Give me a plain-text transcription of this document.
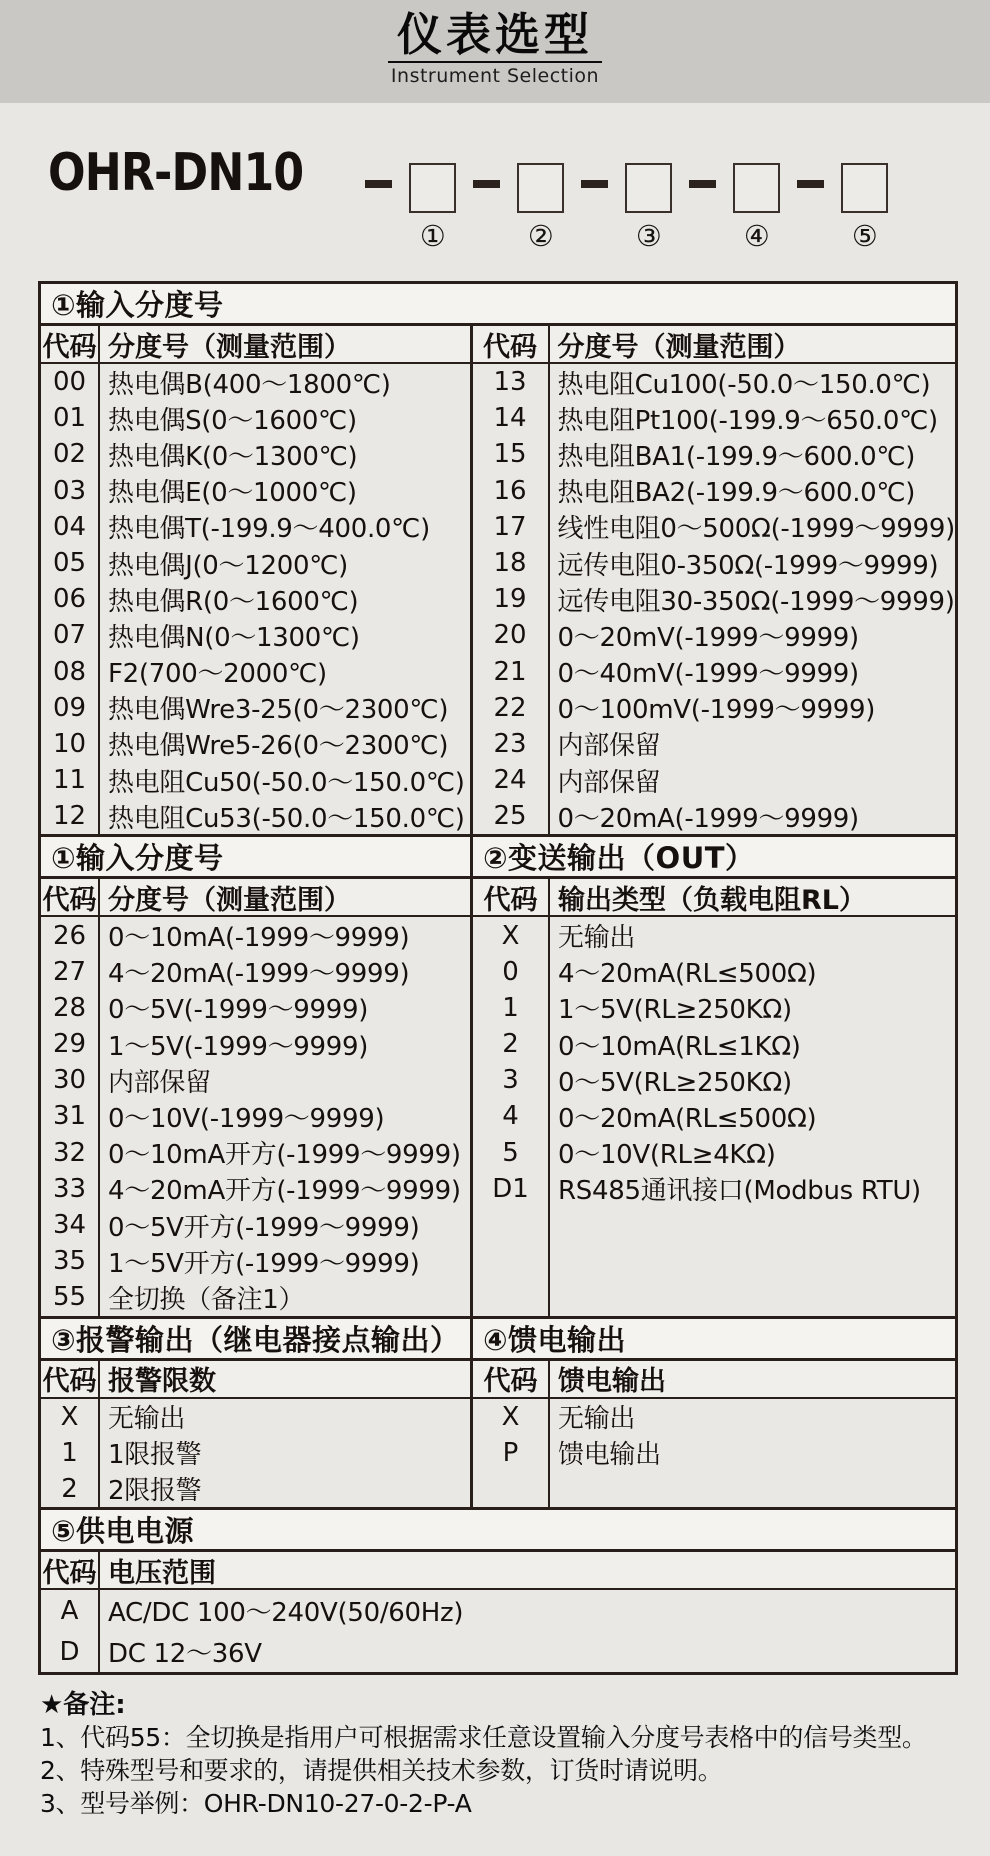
仪表选型
Instrument Selection
OHR-DN10
①	②	③	④	⑤
①输入分度号
代码 分度号（测量范围）
00 热电偶B(400～1800℃)
01 热电偶S(0～1600℃)
02 热电偶K(0～1300℃)
03 热电偶E(0～1000℃)
04 热电偶T(-199.9～400.0℃)
05 热电偶J(0～1200℃)
06 热电偶R(0～1600℃)
07 热电偶N(0～1300℃)
08 F2(700～2000℃)
09 热电偶Wre3-25(0～2300℃)
10 热电偶Wre5-26(0～2300℃)
11 热电阻Cu50(-50.0～150.0℃)
12 热电阻Cu53(-50.0～150.0℃)
代码 分度号（测量范围）
13	热电阻Cu100(-50.0～150.0℃)
14	热电阻Pt100(-199.9～650.0℃)
15	热电阻BA1(-199.9～600.0℃)
16	热电阻BA2(-199.9～600.0℃)
17	线性电阻0～500Ω(-1999～9999)
18	远传电阻0-350Ω(-1999～9999)
19	远传电阻30-350Ω(-1999～9999)
20	0～20mV(-1999～9999)
21	0～40mV(-1999～9999)
22	0～100mV(-1999～9999)
23	内部保留
24	内部保留
25	0～20mA(-1999～9999)
①输入分度号
代码 分度号（测量范围）
26 0～10mA(-1999～9999)
27 4～20mA(-1999～9999)
28 0～5V(-1999～9999)
29 1～5V(-1999～9999)
30 内部保留
31 0～10V(-1999～9999)
32 0～10mA开方(-1999～9999)
33 4～20mA开方(-1999～9999)
34 0～5V开方(-1999～9999)
35 1～5V开方(-1999～9999)
55 全切换（备注1）
②变送输出（OUT）
代码 输出类型（负载电阻RL）
X	无输出
0	4～20mA(RL≤500Ω)
1	1～5V(RL≥250KΩ)
2	0～10mA(RL≤1KΩ)
3	0～5V(RL≥250KΩ)
4	0～20mA(RL≤500Ω)
5	0～10V(RL≥4KΩ)
D1	RS485通讯接口(Modbus RTU)
③报警输出（继电器接点输出）
代码 报警限数
X	无输出
1	1限报警
2	2限报警
④馈电输出
代码 馈电输出
X	无输出
P	馈电输出
⑤供电电源
代码 电压范围
A	AC/DC 100～240V(50/60Hz)
D	DC 12～36V
★备注:
1、代码55：全切换是指用户可根据需求任意设置输入分度号表格中的信号类型。
2、特殊型号和要求的，请提供相关技术参数，订货时请说明。
3、型号举例：OHR-DN10-27-0-2-P-A
